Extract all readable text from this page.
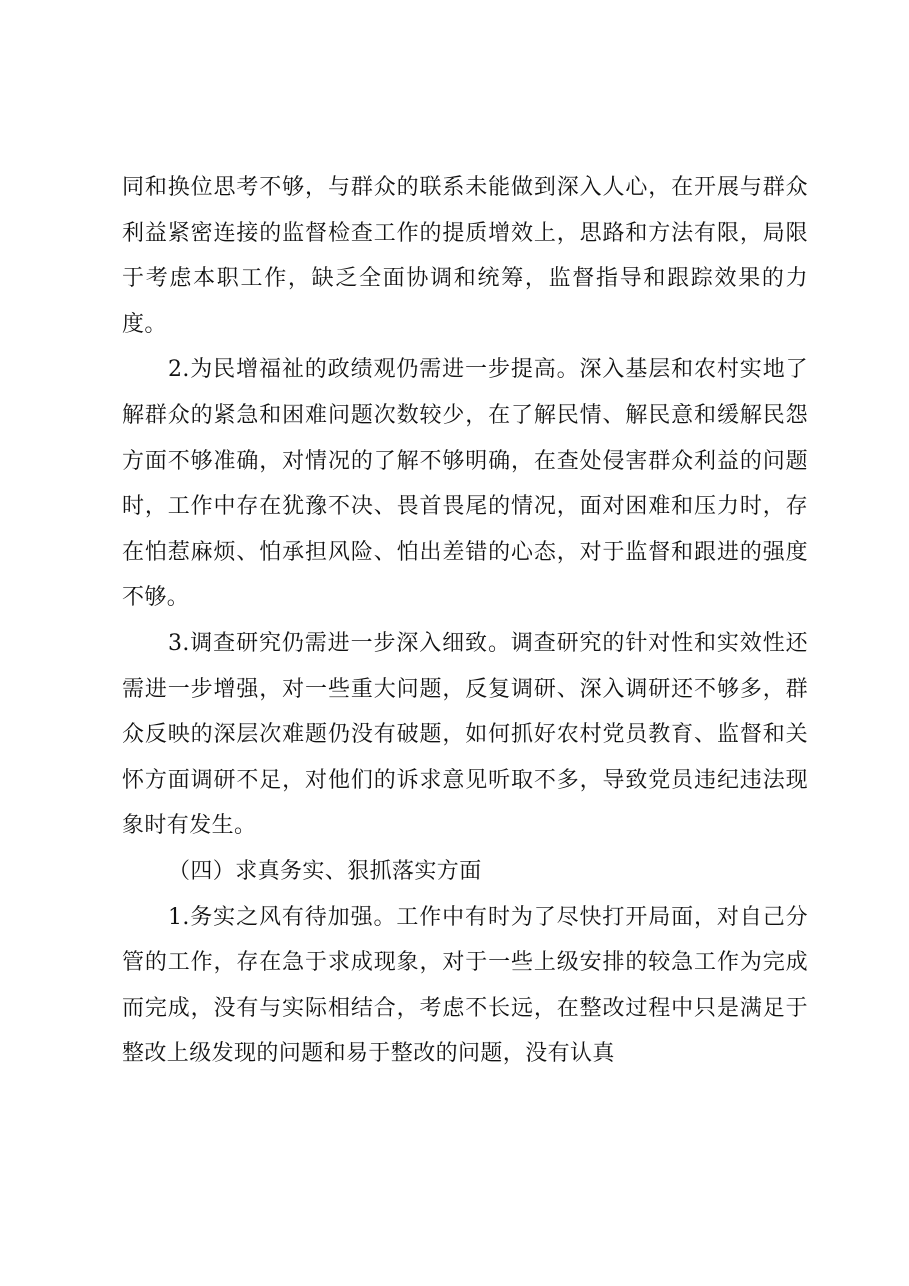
同和换位思考不够，与群众的联系未能做到深入人心，在开展与群众利益紧密连接的监督检查工作的提质增效上，思路和方法有限，局限于考虑本职工作，缺乏全面协调和统筹，监督指导和跟踪效果的力度。

2.为民增福祉的政绩观仍需进一步提高。深入基层和农村实地了解群众的紧急和困难问题次数较少，在了解民情、解民意和缓解民怨方面不够准确，对情况的了解不够明确，在查处侵害群众利益的问题时，工作中存在犹豫不决、畏首畏尾的情况，面对困难和压力时，存在怕惹麻烦、怕承担风险、怕出差错的心态，对于监督和跟进的强度不够。

3.调查研究仍需进一步深入细致。调查研究的针对性和实效性还需进一步增强，对一些重大问题，反复调研、深入调研还不够多，群众反映的深层次难题仍没有破题，如何抓好农村党员教育、监督和关怀方面调研不足，对他们的诉求意见听取不多，导致党员违纪违法现象时有发生。

（四）求真务实、狠抓落实方面

1.务实之风有待加强。工作中有时为了尽快打开局面，对自己分管的工作，存在急于求成现象，对于一些上级安排的较急工作为完成而完成，没有与实际相结合，考虑不长远，在整改过程中只是满足于整改上级发现的问题和易于整改的问题，没有认真
